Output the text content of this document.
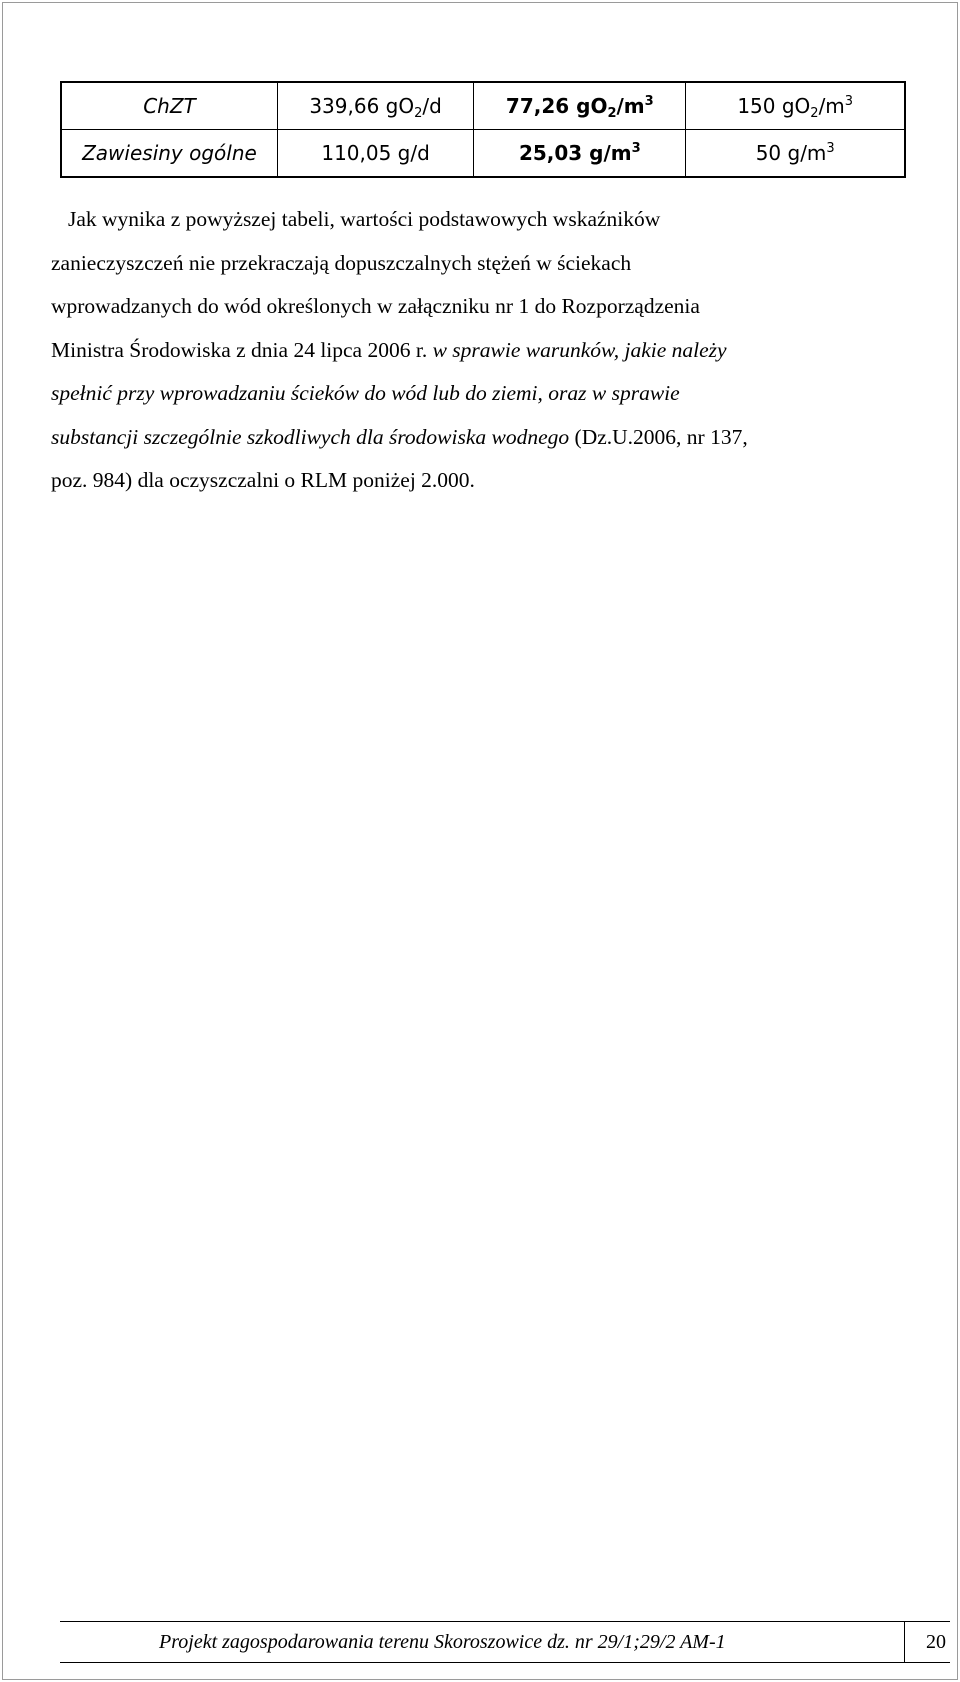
ChZT	339,66 $gO_2/d$	77,26 $gO_2/m^3$	150 $gO_2/m^3$
Zawiesiny ogólne	110,05 g/d	25,03 $g/m^3$	50 $g/m^3$
Jak wynika z powyższej tabeli, wartości podstawowych wskaźników
zanieczyszczeń nie przekraczają dopuszczalnych stężeń w ściekach
wprowadzanych do wód określonych w załączniku nr 1 do Rozporządzenia
Ministra Środowiska z dnia 24 lipca 2006 r. w sprawie warunków, jakie należy
spełnić przy wprowadzaniu ścieków do wód lub do ziemi, oraz w sprawie
substancji szczególnie szkodliwych dla środowiska wodnego (Dz.U.2006, nr 137,
poz. 984) dla oczyszczalni o RLM poniżej 2.000.
Projekt zagospodarowania terenu Skoroszowice dz. nr 29/1;29/2 AM-1	20
